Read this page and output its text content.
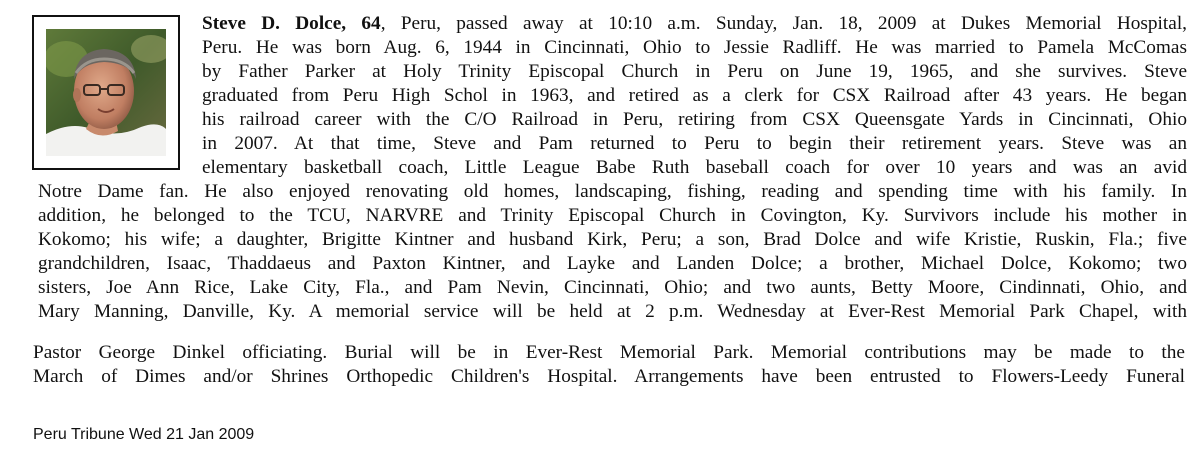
Steve D. Dolce, 64, Peru, passed away at 10:10 a.m. Sunday, Jan. 18, 2009 at Dukes Memorial Hospital,
Peru. He was born Aug. 6, 1944 in Cincinnati, Ohio to Jessie Radliff. He was married to Pamela McComas
by Father Parker at Holy Trinity Episcopal Church in Peru on June 19, 1965, and she survives. Steve
graduated from Peru High Schol in 1963, and retired as a clerk for CSX Railroad after 43 years. He began
his railroad career with the C/O Railroad in Peru, retiring from CSX Queensgate Yards in Cincinnati, Ohio
in 2007. At that time, Steve and Pam returned to Peru to begin their retirement years. Steve was an
elementary basketball coach, Little League Babe Ruth baseball coach for over 10 years and was an avid
Notre Dame fan. He also enjoyed renovating old homes, landscaping, fishing, reading and spending time with his family. In
addition, he belonged to the TCU, NARVRE and Trinity Episcopal Church in Covington, Ky. Survivors include his mother in
Kokomo; his wife; a daughter, Brigitte Kintner and husband Kirk, Peru; a son, Brad Dolce and wife Kristie, Ruskin, Fla.; five
grandchildren, Isaac, Thaddaeus and Paxton Kintner, and Layke and Landen Dolce; a brother, Michael Dolce, Kokomo; two
sisters, Joe Ann Rice, Lake City, Fla., and Pam Nevin, Cincinnati, Ohio; and two aunts, Betty Moore, Cindinnati, Ohio, and
Mary Manning, Danville, Ky. A memorial service will be held at 2 p.m. Wednesday at Ever-Rest Memorial Park Chapel, with
Pastor George Dinkel officiating. Burial will be in Ever-Rest Memorial Park. Memorial contributions may be made to the
March of Dimes and/or Shrines Orthopedic Children's Hospital. Arrangements have been entrusted to Flowers-Leedy Funeral
Peru Tribune Wed 21 Jan 2009
